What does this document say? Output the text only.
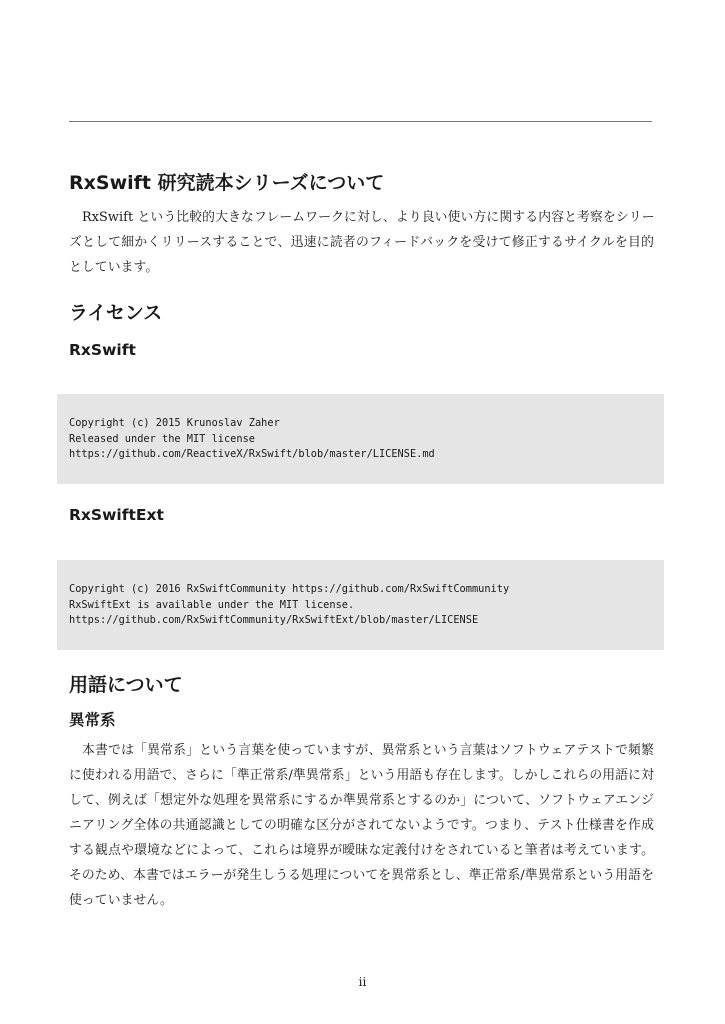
RxSwift 研究読本シリーズについて
RxSwift という比較的大きなフレームワークに対し、より良い使い方に関する内容と考察をシリーズとして細かくリリースすることで、迅速に読者のフィードバックを受けて修正するサイクルを目的としています。
ライセンス
RxSwift
Copyright (c) 2015 Krunoslav Zaher
Released under the MIT license
https://github.com/ReactiveX/RxSwift/blob/master/LICENSE.md
RxSwiftExt
Copyright (c) 2016 RxSwiftCommunity https://github.com/RxSwiftCommunity
RxSwiftExt is available under the MIT license.
https://github.com/RxSwiftCommunity/RxSwiftExt/blob/master/LICENSE
用語について
異常系
本書では「異常系」という言葉を使っていますが、異常系という言葉はソフトウェアテストで頻繁に使われる用語で、さらに「準正常系/準異常系」という用語も存在します。しかしこれらの用語に対して、例えば「想定外な処理を異常系にするか準異常系とするのか」について、ソフトウェアエンジニアリング全体の共通認識としての明確な区分がされてないようです。つまり、テスト仕様書を作成する観点や環境などによって、これらは境界が曖昧な定義付けをされていると筆者は考えています。そのため、本書ではエラーが発生しうる処理についてを異常系とし、準正常系/準異常系という用語を使っていません。
ii
